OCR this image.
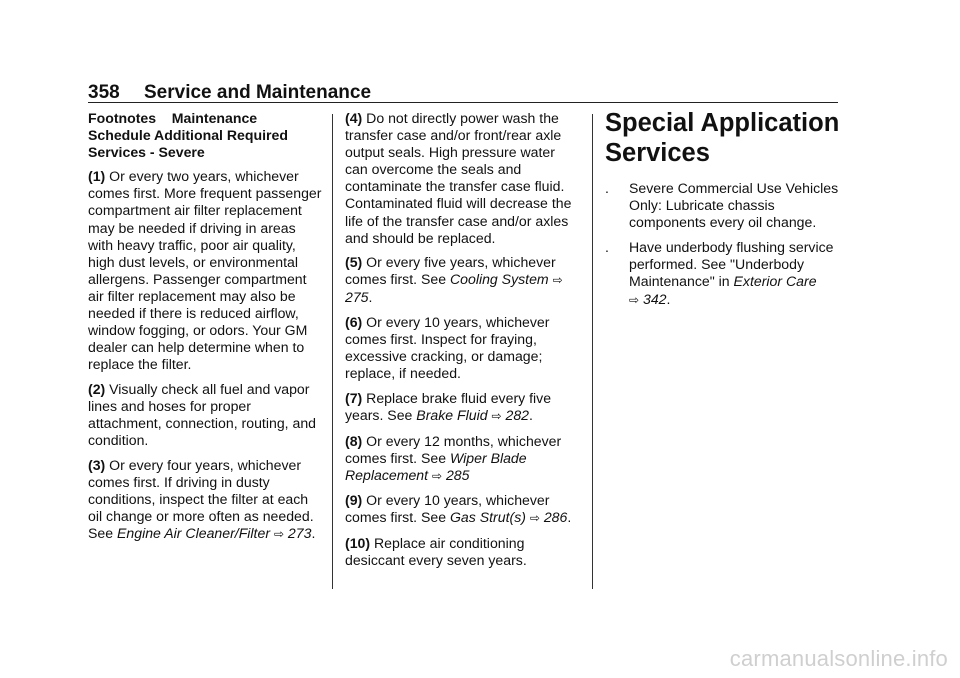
358	Service and Maintenance
Footnotes    Maintenance
Schedule Additional Required
Services - Severe
(1) Or every two years, whichever comes first. More frequent passenger compartment air filter replacement may be needed if driving in areas with heavy traffic, poor air quality, high dust levels, or environmental allergens. Passenger compartment air filter replacement may also be needed if there is reduced airflow, window fogging, or odors. Your GM dealer can help determine when to replace the filter.
(2) Visually check all fuel and vapor lines and hoses for proper attachment, connection, routing, and condition.
(3) Or every four years, whichever comes first. If driving in dusty conditions, inspect the filter at each oil change or more often as needed. See Engine Air Cleaner/Filter ⇨ 273.
(4) Do not directly power wash the transfer case and/or front/rear axle output seals. High pressure water can overcome the seals and contaminate the transfer case fluid. Contaminated fluid will decrease the life of the transfer case and/or axles and should be replaced.
(5) Or every five years, whichever comes first. See Cooling System ⇨ 275.
(6) Or every 10 years, whichever comes first. Inspect for fraying, excessive cracking, or damage; replace, if needed.
(7) Replace brake fluid every five years. See Brake Fluid ⇨ 282.
(8) Or every 12 months, whichever comes first. See Wiper Blade Replacement ⇨ 285
(9) Or every 10 years, whichever comes first. See Gas Strut(s) ⇨ 286.
(10) Replace air conditioning desiccant every seven years.
Special Application Services
.	Severe Commercial Use Vehicles Only: Lubricate chassis components every oil change.
.	Have underbody flushing service performed. See "Underbody Maintenance" in Exterior Care
⇨ 342.
carmanualsonline.info
